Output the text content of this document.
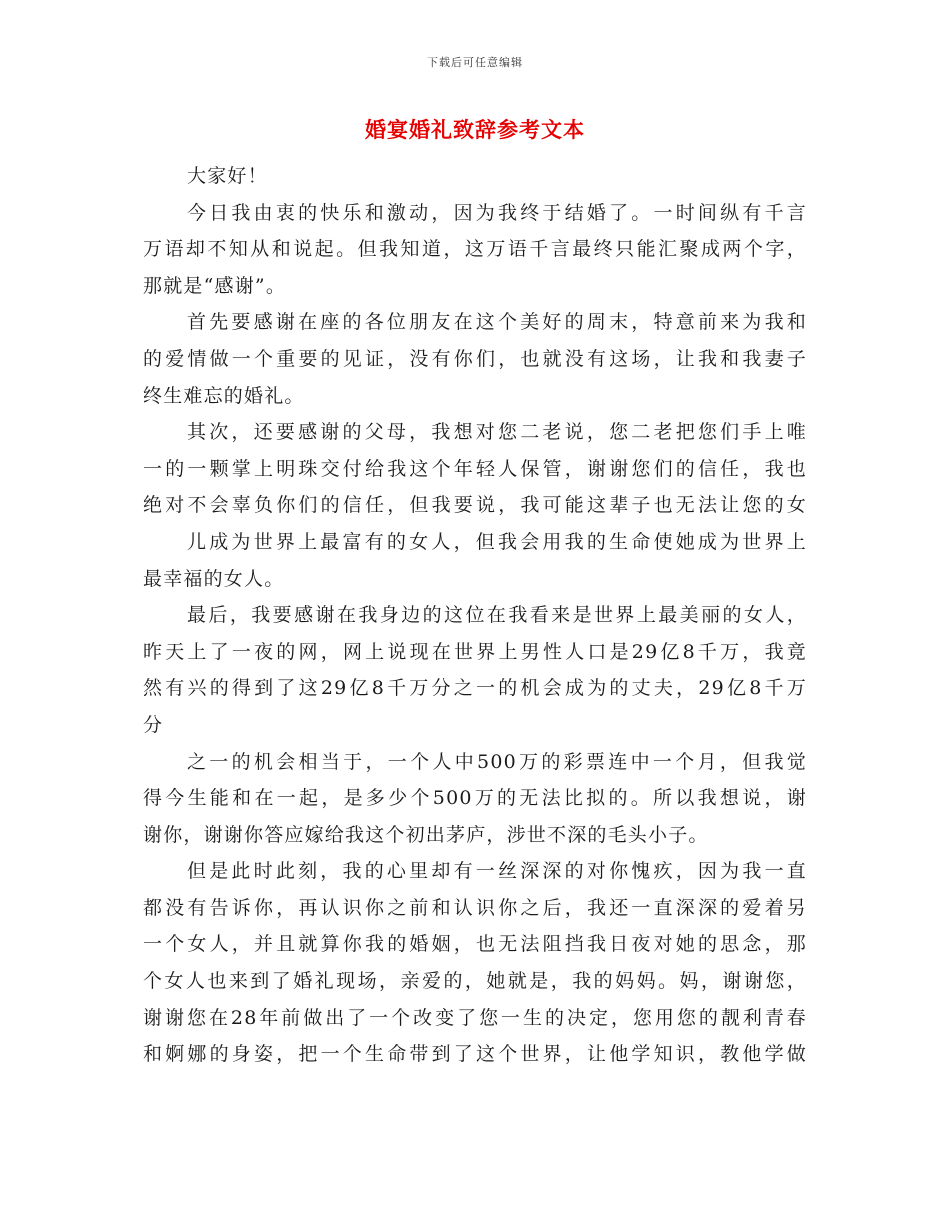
下载后可任意编辑
婚宴婚礼致辞参考文本
大家好！
今日我由衷的快乐和激动，因为我终于结婚了。一时间纵有千言
万语却不知从和说起。但我知道，这万语千言最终只能汇聚成两个字，
那就是“感谢”。
首先要感谢在座的各位朋友在这个美好的周末，特意前来为我和
的爱情做一个重要的见证，没有你们，也就没有这场，让我和我妻子
终生难忘的婚礼。
其次，还要感谢的父母，我想对您二老说，您二老把您们手上唯
一的一颗掌上明珠交付给我这个年轻人保管，谢谢您们的信任，我也
绝对不会辜负你们的信任，但我要说，我可能这辈子也无法让您的女
儿成为世界上最富有的女人，但我会用我的生命使她成为世界上
最幸福的女人。
最后，我要感谢在我身边的这位在我看来是世界上最美丽的女人，
昨天上了一夜的网，网上说现在世界上男性人口是29亿8千万，我竟
然有兴的得到了这29亿8千万分之一的机会成为的丈夫，29亿8千万
分
之一的机会相当于，一个人中500万的彩票连中一个月，但我觉
得今生能和在一起，是多少个500万的无法比拟的。所以我想说，谢
谢你，谢谢你答应嫁给我这个初出茅庐，涉世不深的毛头小子。
但是此时此刻，我的心里却有一丝深深的对你愧疚，因为我一直
都没有告诉你，再认识你之前和认识你之后，我还一直深深的爱着另
一个女人，并且就算你我的婚姻，也无法阻挡我日夜对她的思念，那
个女人也来到了婚礼现场，亲爱的，她就是，我的妈妈。妈，谢谢您，
谢谢您在28年前做出了一个改变了您一生的决定，您用您的靓利青春
和婀娜的身姿，把一个生命带到了这个世界，让他学知识，教他学做
